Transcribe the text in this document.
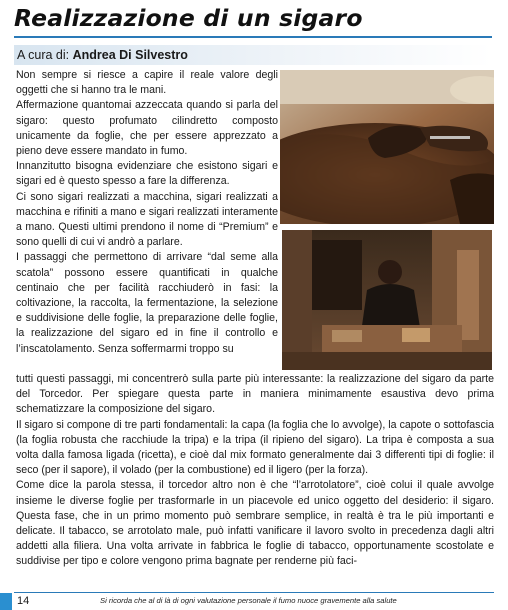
Realizzazione di un sigaro
A cura di: Andrea Di Silvestro

Non sempre si riesce a capire il reale valore degli oggetti che si hanno tra le mani.

Affermazione quantomai azzeccata quando si parla del sigaro: questo profumato cilindretto composto unicamente da foglie, che per essere apprezzato a pieno deve essere mandato in fumo.

Innanzitutto bisogna evidenziare che esistono sigari e sigari ed è questo spesso a fare la differenza.

Ci sono sigari realizzati a macchina, sigari realizzati a macchina e rifiniti a mano e sigari realizzati interamente a mano. Questi ultimi prendono il nome di “Premium” e sono quelli di cui vi andrò a parlare.

I passaggi che permettono di arrivare “dal seme alla scatola” possono essere quantificati in qualche centinaio che per facilità racchiuderò in fasi: la coltivazione, la raccolta, la fermentazione, la selezione e suddivisione delle foglie, la preparazione delle foglie, la realizzazione del sigaro ed in fine il controllo e l’inscatolamento. Senza soffermarmi troppo su

tutti questi passaggi, mi concentrerò sulla parte più interessante: la realizzazione del sigaro da parte del Torcedor. Per spiegare questa parte in maniera minimamente esaustiva devo prima schematizzare la composizione del sigaro.

Il sigaro si compone di tre parti fondamentali: la capa (la foglia che lo avvolge), la capote o sottofascia (la foglia robusta che racchiude la tripa) e la tripa (il ripieno del sigaro). La tripa è composta a sua volta dalla famosa ligada (ricetta), e cioè dal mix formato generalmente dai 3 differenti tipi di foglie: il seco (per il sapore), il volado (per la combustione) ed il ligero (per la forza).

Come dice la parola stessa, il torcedor altro non è che “l’arrotolatore”, cioè colui il quale avvolge insieme le diverse foglie per trasformarle in un piacevole ed unico oggetto del desiderio: il sigaro. Questa fase, che in un primo momento può sembrare semplice, in realtà è tra le più importanti e delicate. Il tabacco, se arrotolato male, può infatti vanificare il lavoro svolto in precedenza dagli altri addetti alla filiera. Una volta arrivate in fabbrica le foglie di tabacco, opportunamente scostolate e suddivise per tipo e colore vengono prima bagnate per renderne più faci-

14	Si ricorda che al di là di ogni valutazione personale il fumo nuoce gravemente alla salute
